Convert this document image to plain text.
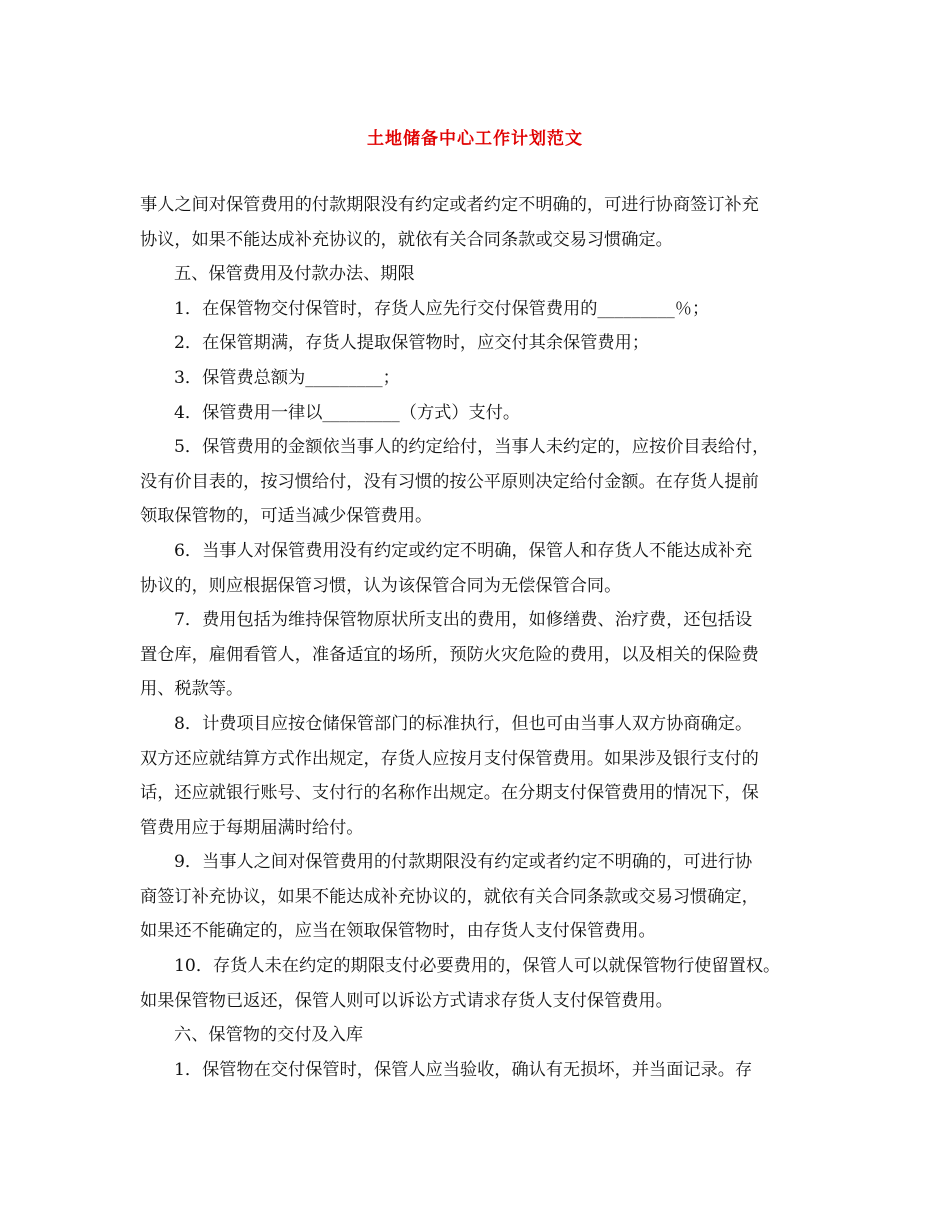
土地储备中心工作计划范文
事人之间对保管费用的付款期限没有约定或者约定不明确的，可进行协商签订补充
协议，如果不能达成补充协议的，就依有关合同条款或交易习惯确定。
五、保管费用及付款办法、期限
1．在保管物交付保管时，存货人应先行交付保管费用的_________％；
2．在保管期满，存货人提取保管物时，应交付其余保管费用；
3．保管费总额为_________；
4．保管费用一律以_________（方式）支付。
5．保管费用的金额依当事人的约定给付，当事人未约定的，应按价目表给付，
没有价目表的，按习惯给付，没有习惯的按公平原则决定给付金额。在存货人提前
领取保管物的，可适当减少保管费用。
6．当事人对保管费用没有约定或约定不明确，保管人和存货人不能达成补充
协议的，则应根据保管习惯，认为该保管合同为无偿保管合同。
7．费用包括为维持保管物原状所支出的费用，如修缮费、治疗费，还包括设
置仓库，雇佣看管人，准备适宜的场所，预防火灾危险的费用，以及相关的保险费
用、税款等。
8．计费项目应按仓储保管部门的标准执行，但也可由当事人双方协商确定。
双方还应就结算方式作出规定，存货人应按月支付保管费用。如果涉及银行支付的
话，还应就银行账号、支付行的名称作出规定。在分期支付保管费用的情况下，保
管费用应于每期届满时给付。
9．当事人之间对保管费用的付款期限没有约定或者约定不明确的，可进行协
商签订补充协议，如果不能达成补充协议的，就依有关合同条款或交易习惯确定，
如果还不能确定的，应当在领取保管物时，由存货人支付保管费用。
10．存货人未在约定的期限支付必要费用的，保管人可以就保管物行使留置权。
如果保管物已返还，保管人则可以诉讼方式请求存货人支付保管费用。
六、保管物的交付及入库
1．保管物在交付保管时，保管人应当验收，确认有无损坏，并当面记录。存
